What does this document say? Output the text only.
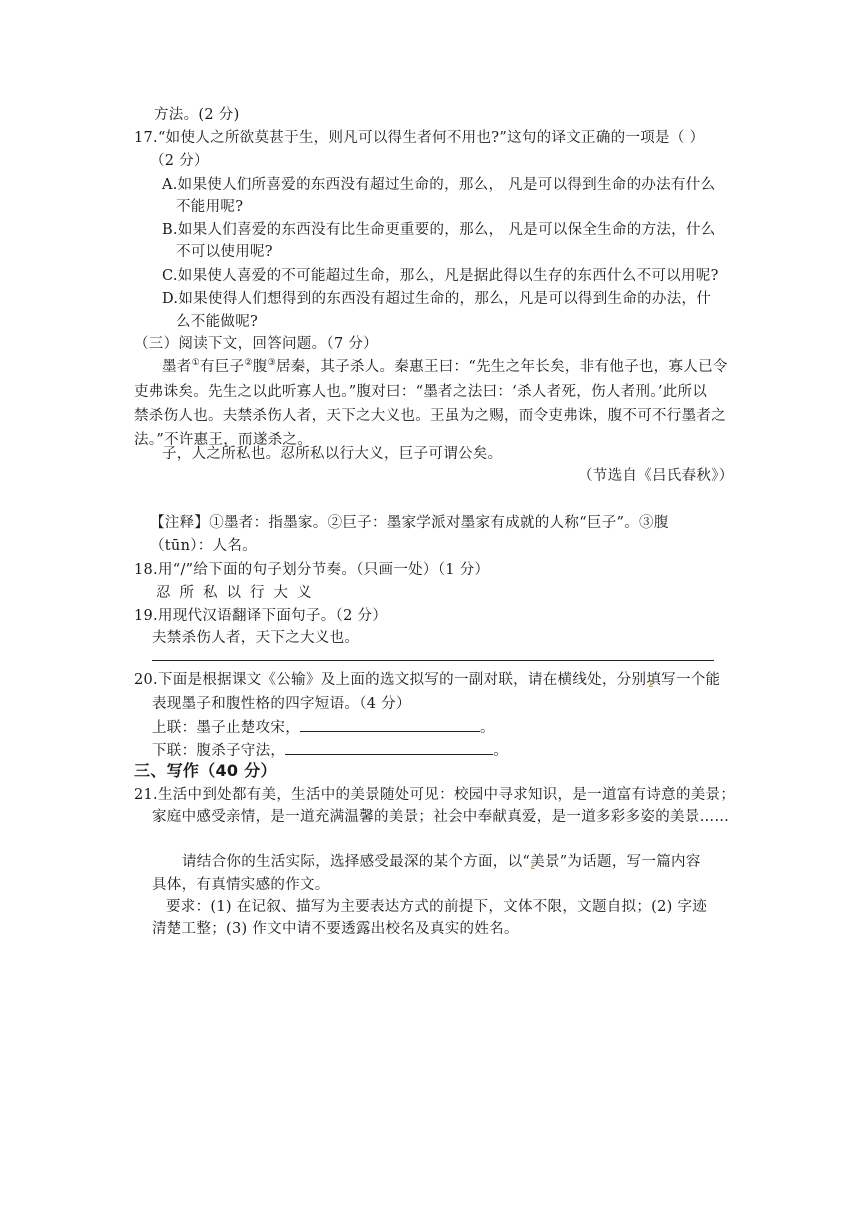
方法。(2 分)
17.“如使人之所欲莫甚于生，则凡可以得生者何不用也?”这句的译文正确的一项是（ ）
（2 分）
A.如果使人们所喜爱的东西没有超过生命的，那么， 凡是可以得到生命的办法有什么
不能用呢?
B.如果人们喜爱的东西没有比生命更重要的，那么， 凡是可以保全生命的方法，什么
不可以使用呢?
C.如果使人喜爱的不可能超过生命，那么，凡是据此得以生存的东西什么不可以用呢?
D.如果使得人们想得到的东西没有超过生命的，那么，凡是可以得到生命的办法，什
么不能做呢?
（三）阅读下文，回答问题。（7 分）
墨者①有巨子②腹③居秦，其子杀人。秦惠王曰：“先生之年长矣，非有他子也，寡人已令
吏弗诛矣。先生之以此听寡人也。”腹对曰：“墨者之法曰：‘杀人者死，伤人者刑。’此所以
禁杀伤人也。夫禁杀伤人者，天下之大义也。王虽为之赐，而令吏弗诛，腹不可不行墨者之
法。”不许惠王，而遂杀之。
子，人之所私也。忍所私以行大义，巨子可谓公矣。
（节选自《吕氏春秋》）
【注释】①墨者：指墨家。②巨子：墨家学派对墨家有成就的人称“巨子”。③腹
（tūn）：人名。
18.用“/”给下面的句子划分节奏。（只画一处）（1 分）
忍所私以行大义
19.用现代汉语翻译下面句子。（2 分）
夫禁杀伤人者，天下之大义也。
20.下面是根据课文《公输》及上面的选文拟写的一副对联，请在横线处，分别填写一个能
表现墨子和腹性格的四字短语。（4 分）
上联：墨子止楚攻宋，	。
下联：腹杀子守法，	。
三、写作（40 分）
21.生活中到处都有美，生活中的美景随处可见：校园中寻求知识，是一道富有诗意的美景；
家庭中感受亲情，是一道充满温馨的美景；社会中奉献真爱，是一道多彩多姿的美景……
请结合你的生活实际，选择感受最深的某个方面，以“美景”为话题，写一篇内容
具体，有真情实感的作文。
要求：(1) 在记叙、描写为主要表达方式的前提下，文体不限，文题自拟；(2) 字迹
清楚工整；(3) 作文中请不要透露出校名及真实的姓名。
